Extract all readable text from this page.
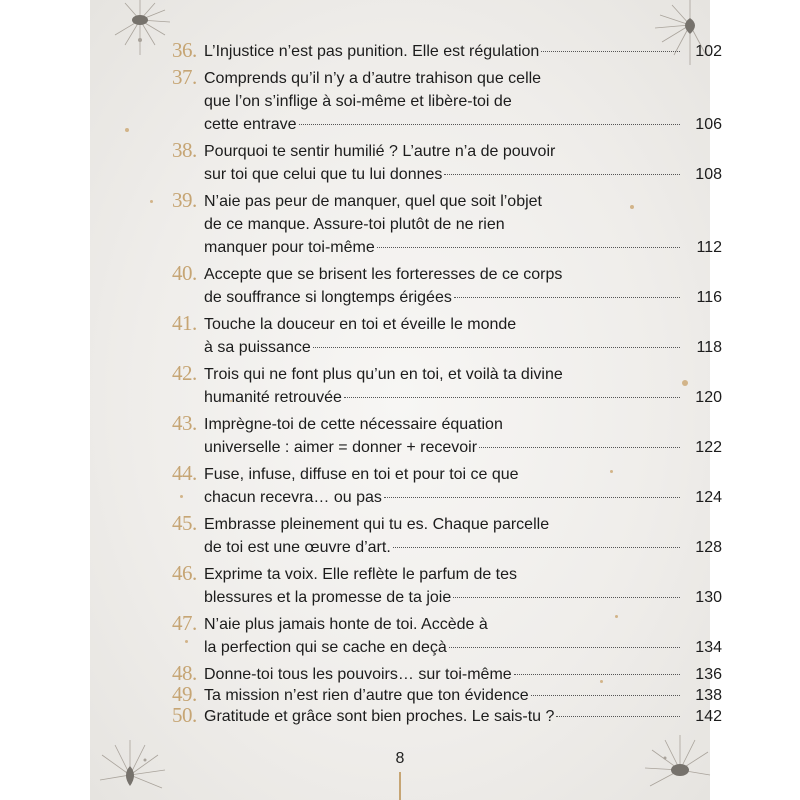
36. L’Injustice n’est pas punition. Elle est régulation	102
37. Comprends qu’il n’y a d’autre trahison que celle
que l’on s’inflige à soi-même et libère-toi de
cette entrave	106
38. Pourquoi te sentir humilié ? L’autre n’a de pouvoir
sur toi que celui que tu lui donnes	108
39. N’aie pas peur de manquer, quel que soit l’objet
de ce manque. Assure-toi plutôt de ne rien
manquer pour toi-même	112
40. Accepte que se brisent les forteresses de ce corps
de souffrance si longtemps érigées	116
41. Touche la douceur en toi et éveille le monde
à sa puissance	118
42. Trois qui ne font plus qu’un en toi, et voilà ta divine
humanité retrouvée	120
43. Imprègne-toi de cette nécessaire équation
universelle : aimer = donner + recevoir	122
44. Fuse, infuse, diffuse en toi et pour toi ce que
chacun recevra… ou pas	124
45. Embrasse pleinement qui tu es. Chaque parcelle
de toi est une œuvre d’art.	128
46. Exprime ta voix. Elle reflète le parfum de tes
blessures et la promesse de ta joie	130
47. N’aie plus jamais honte de toi. Accède à
la perfection qui se cache en deçà	134
48. Donne-toi tous les pouvoirs… sur toi-même	136
49. Ta mission n’est rien d’autre que ton évidence	138
50. Gratitude et grâce sont bien proches. Le sais-tu ?	142
8
